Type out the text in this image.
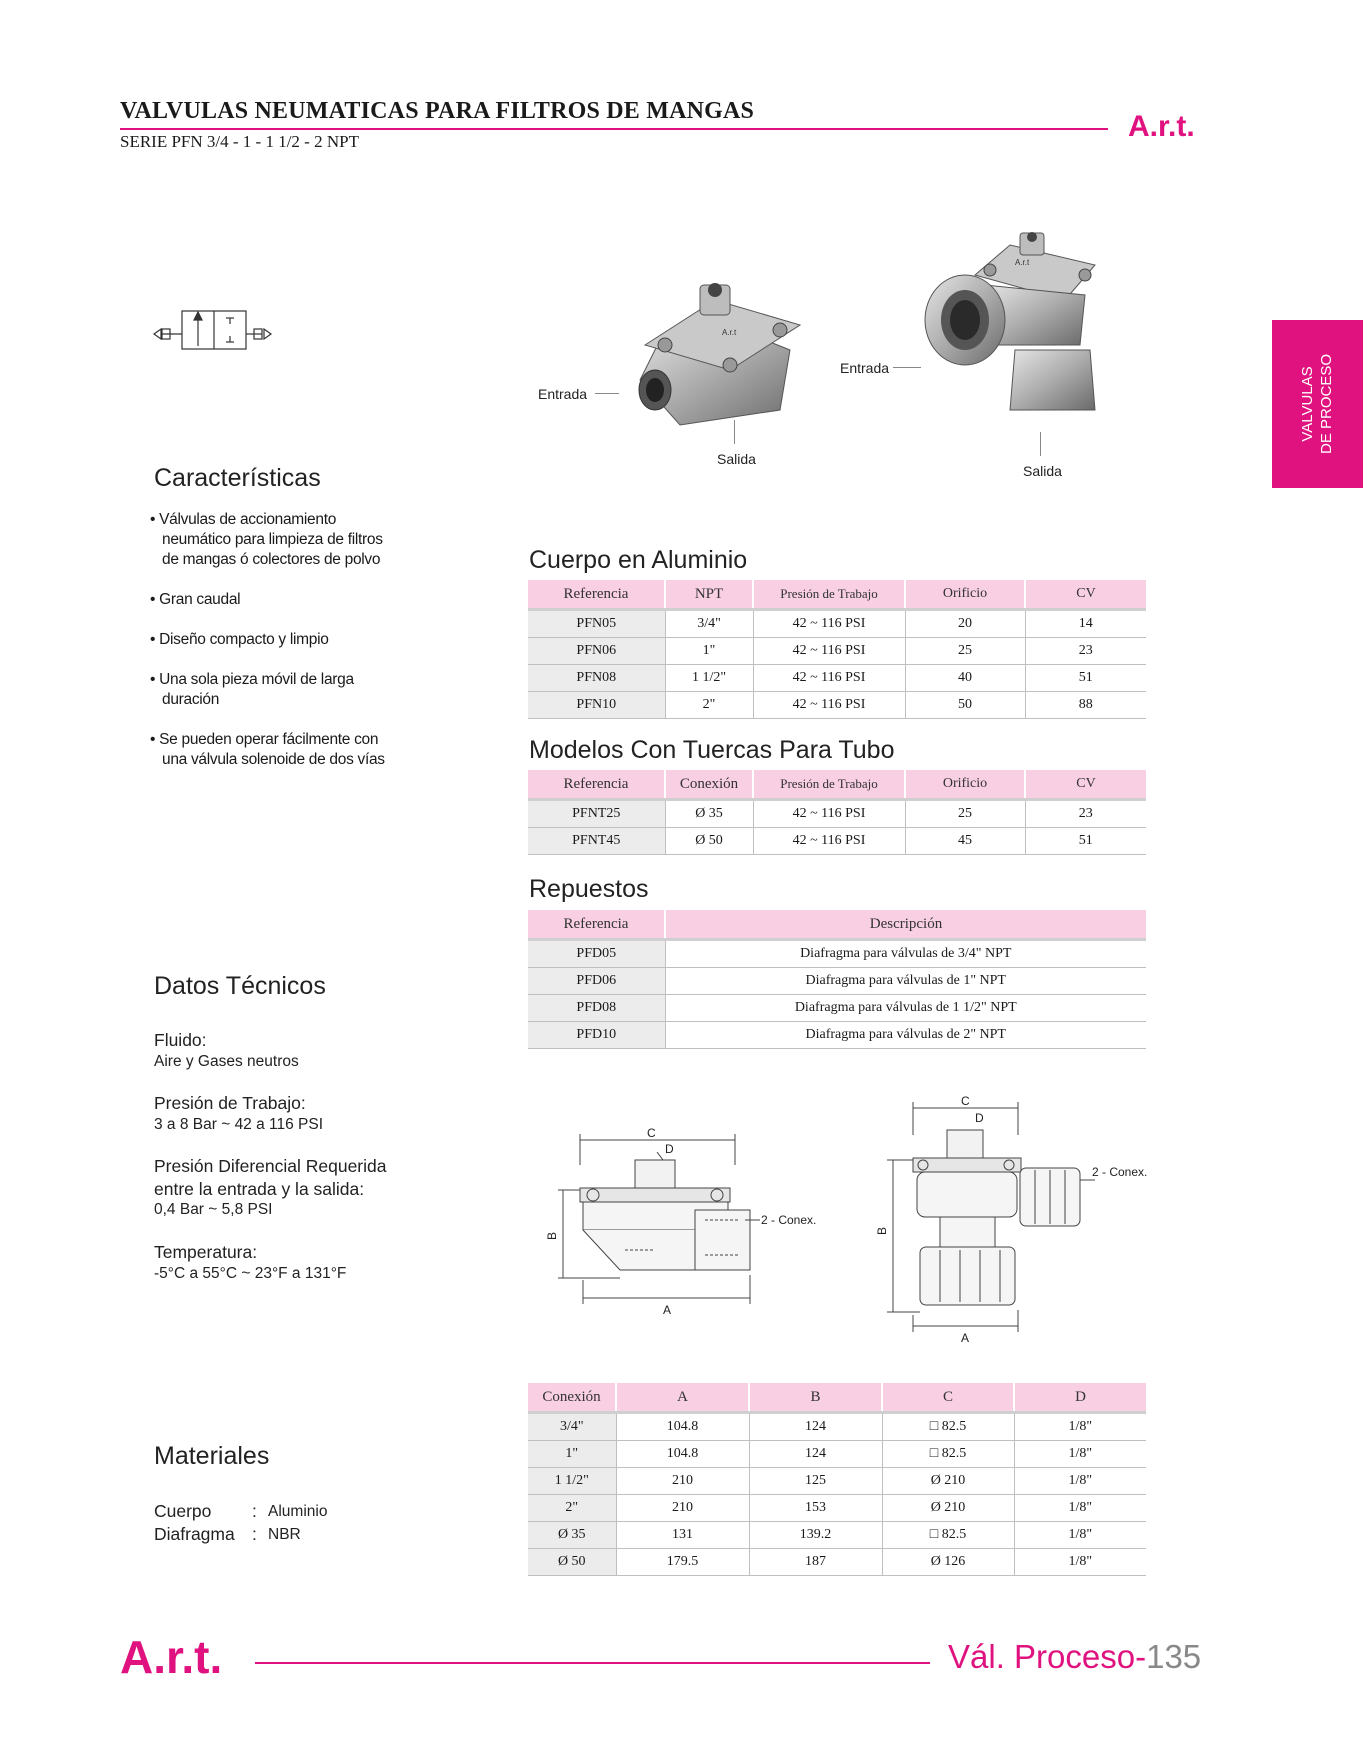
VALVULAS NEUMATICAS PARA FILTROS DE MANGAS
SERIE PFN 3/4 - 1 - 1 1/2 - 2 NPT	A.r.t.
VALVULAS DE PROCESO
A.r.t
Entrada
Salida
A.r.t
Entrada
Salida
Características
• Válvulas de accionamiento neumático para limpieza de filtros de mangas ó colectores de polvo
• Gran caudal
• Diseño compacto y limpio
• Una sola pieza móvil de larga duración
• Se pueden operar fácilmente con una válvula solenoide de dos vías
Datos Técnicos
Fluido:
Aire y Gases neutros
Presión de Trabajo:
3 a 8 Bar ~ 42 a 116 PSI
Presión Diferencial Requerida
entre la entrada y la salida:
0,4 Bar ~ 5,8 PSI
Temperatura:
-5°C a 55°C ~ 23°F a 131°F
Materiales
Cuerpo : Aluminio
Diafragma : NBR
Cuerpo en Aluminio
Referencia	NPT	Presión de Trabajo	Orificio	CV

PFN05	3/4"	42 ~ 116 PSI	20	14
PFN06	1"	42 ~ 116 PSI	25	23
PFN08	1 1/2"	42 ~ 116 PSI	40	51
PFN10	2"	42 ~ 116 PSI	50	88
Modelos Con Tuercas Para Tubo
Referencia	Conexión	Presión de Trabajo	Orificio	CV

PFNT25	Ø 35	42 ~ 116 PSI	25	23
PFNT45	Ø 50	42 ~ 116 PSI	45	51
Repuestos
Referencia	Descripción

PFD05	Diafragma para válvulas de 3/4" NPT
PFD06	Diafragma para válvulas de 1" NPT
PFD08	Diafragma para válvulas de 1 1/2" NPT
PFD10	Diafragma para válvulas de 2" NPT
C
D
B
A
2 - Conex.
C
D
B
A
2 - Conex.
Conexión	A	B	C	D

3/4"	104.8	124	□ 82.5	1/8"
1"	104.8	124	□ 82.5	1/8"
1 1/2"	210	125	Ø 210	1/8"
2"	210	153	Ø 210	1/8"
Ø 35	131	139.2	□ 82.5	1/8"
Ø 50	179.5	187	Ø 126	1/8"
A.r.t.	Vál. Proceso-135
